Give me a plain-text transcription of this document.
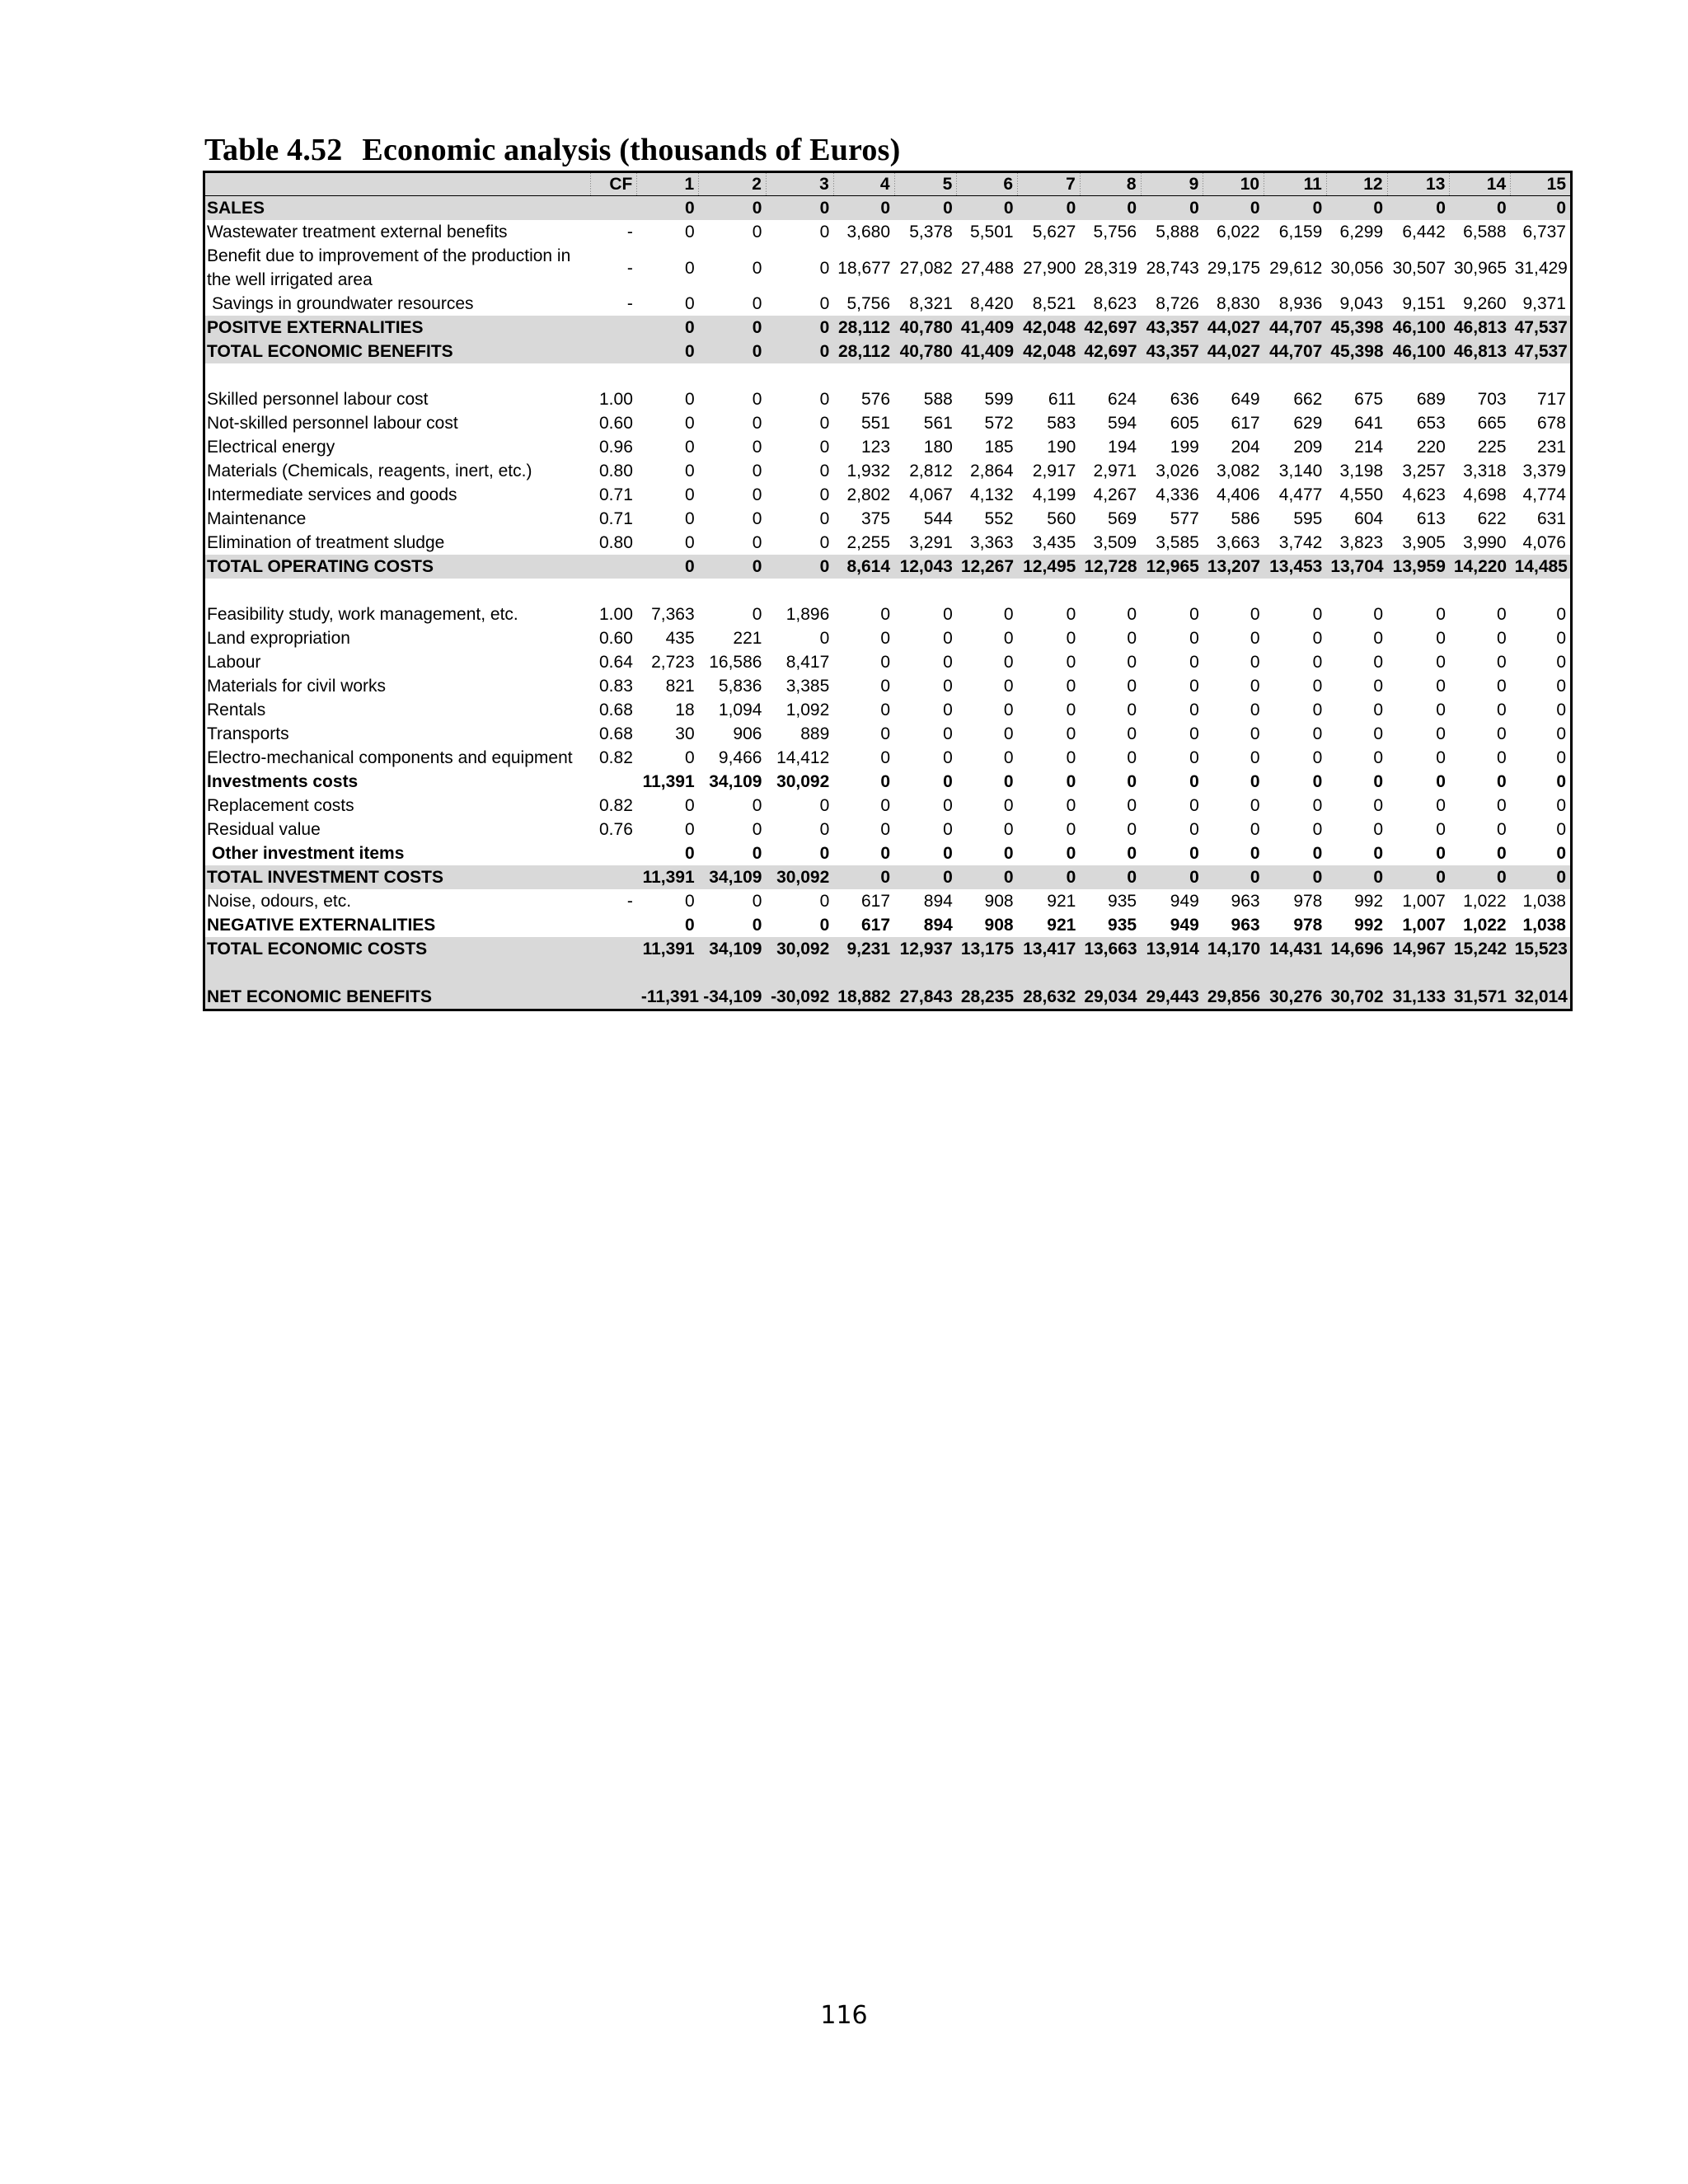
Table 4.52 Economic analysis (thousands of Euros)
	CF	1	2	3	4	5	6	7	8	9	10	11	12	13	14	15
SALES		0	0	0	0	0	0	0	0	0	0	0	0	0	0	0
Wastewater treatment external benefits	-	0	0	0	3,680	5,378	5,501	5,627	5,756	5,888	6,022	6,159	6,299	6,442	6,588	6,737

Benefit due to improvement of the production in the well irrigated area	-	0	0	0	18,677	27,082	27,488	27,900	28,319	28,743	29,175	29,612	30,056	30,507	30,965	31,429
Savings in groundwater resources	-	0	0	0	5,756	8,321	8,420	8,521	8,623	8,726	8,830	8,936	9,043	9,151	9,260	9,371
POSITVE EXTERNALITIES		0	0	0	28,112	40,780	41,409	42,048	42,697	43,357	44,027	44,707	45,398	46,100	46,813	47,537
TOTAL ECONOMIC BENEFITS		0	0	0	28,112	40,780	41,409	42,048	42,697	43,357	44,027	44,707	45,398	46,100	46,813	47,537

Skilled personnel labour cost	1.00	0	0	0	576	588	599	611	624	636	649	662	675	689	703	717
Not-skilled personnel labour cost	0.60	0	0	0	551	561	572	583	594	605	617	629	641	653	665	678
Electrical energy	0.96	0	0	0	123	180	185	190	194	199	204	209	214	220	225	231
Materials (Chemicals, reagents, inert, etc.)	0.80	0	0	0	1,932	2,812	2,864	2,917	2,971	3,026	3,082	3,140	3,198	3,257	3,318	3,379
Intermediate services and goods	0.71	0	0	0	2,802	4,067	4,132	4,199	4,267	4,336	4,406	4,477	4,550	4,623	4,698	4,774
Maintenance	0.71	0	0	0	375	544	552	560	569	577	586	595	604	613	622	631
Elimination of treatment sludge	0.80	0	0	0	2,255	3,291	3,363	3,435	3,509	3,585	3,663	3,742	3,823	3,905	3,990	4,076
TOTAL OPERATING COSTS		0	0	0	8,614	12,043	12,267	12,495	12,728	12,965	13,207	13,453	13,704	13,959	14,220	14,485

Feasibility study, work management, etc.	1.00	7,363	0	1,896	0	0	0	0	0	0	0	0	0	0	0	0
Land expropriation	0.60	435	221	0	0	0	0	0	0	0	0	0	0	0	0	0
Labour	0.64	2,723	16,586	8,417	0	0	0	0	0	0	0	0	0	0	0	0
Materials for civil works	0.83	821	5,836	3,385	0	0	0	0	0	0	0	0	0	0	0	0
Rentals	0.68	18	1,094	1,092	0	0	0	0	0	0	0	0	0	0	0	0
Transports	0.68	30	906	889	0	0	0	0	0	0	0	0	0	0	0	0
Electro-mechanical components and equipment	0.82	0	9,466	14,412	0	0	0	0	0	0	0	0	0	0	0	0
Investments costs		11,391	34,109	30,092	0	0	0	0	0	0	0	0	0	0	0	0
Replacement costs	0.82	0	0	0	0	0	0	0	0	0	0	0	0	0	0	0
Residual value	0.76	0	0	0	0	0	0	0	0	0	0	0	0	0	0	0
Other investment items		0	0	0	0	0	0	0	0	0	0	0	0	0	0	0
TOTAL INVESTMENT COSTS		11,391	34,109	30,092	0	0	0	0	0	0	0	0	0	0	0	0
Noise, odours, etc.	-	0	0	0	617	894	908	921	935	949	963	978	992	1,007	1,022	1,038
NEGATIVE EXTERNALITIES		0	0	0	617	894	908	921	935	949	963	978	992	1,007	1,022	1,038
TOTAL ECONOMIC COSTS		11,391	34,109	30,092	9,231	12,937	13,175	13,417	13,663	13,914	14,170	14,431	14,696	14,967	15,242	15,523

NET ECONOMIC BENEFITS		-11,391	-34,109	-30,092	18,882	27,843	28,235	28,632	29,034	29,443	29,856	30,276	30,702	31,133	31,571	32,014

116
